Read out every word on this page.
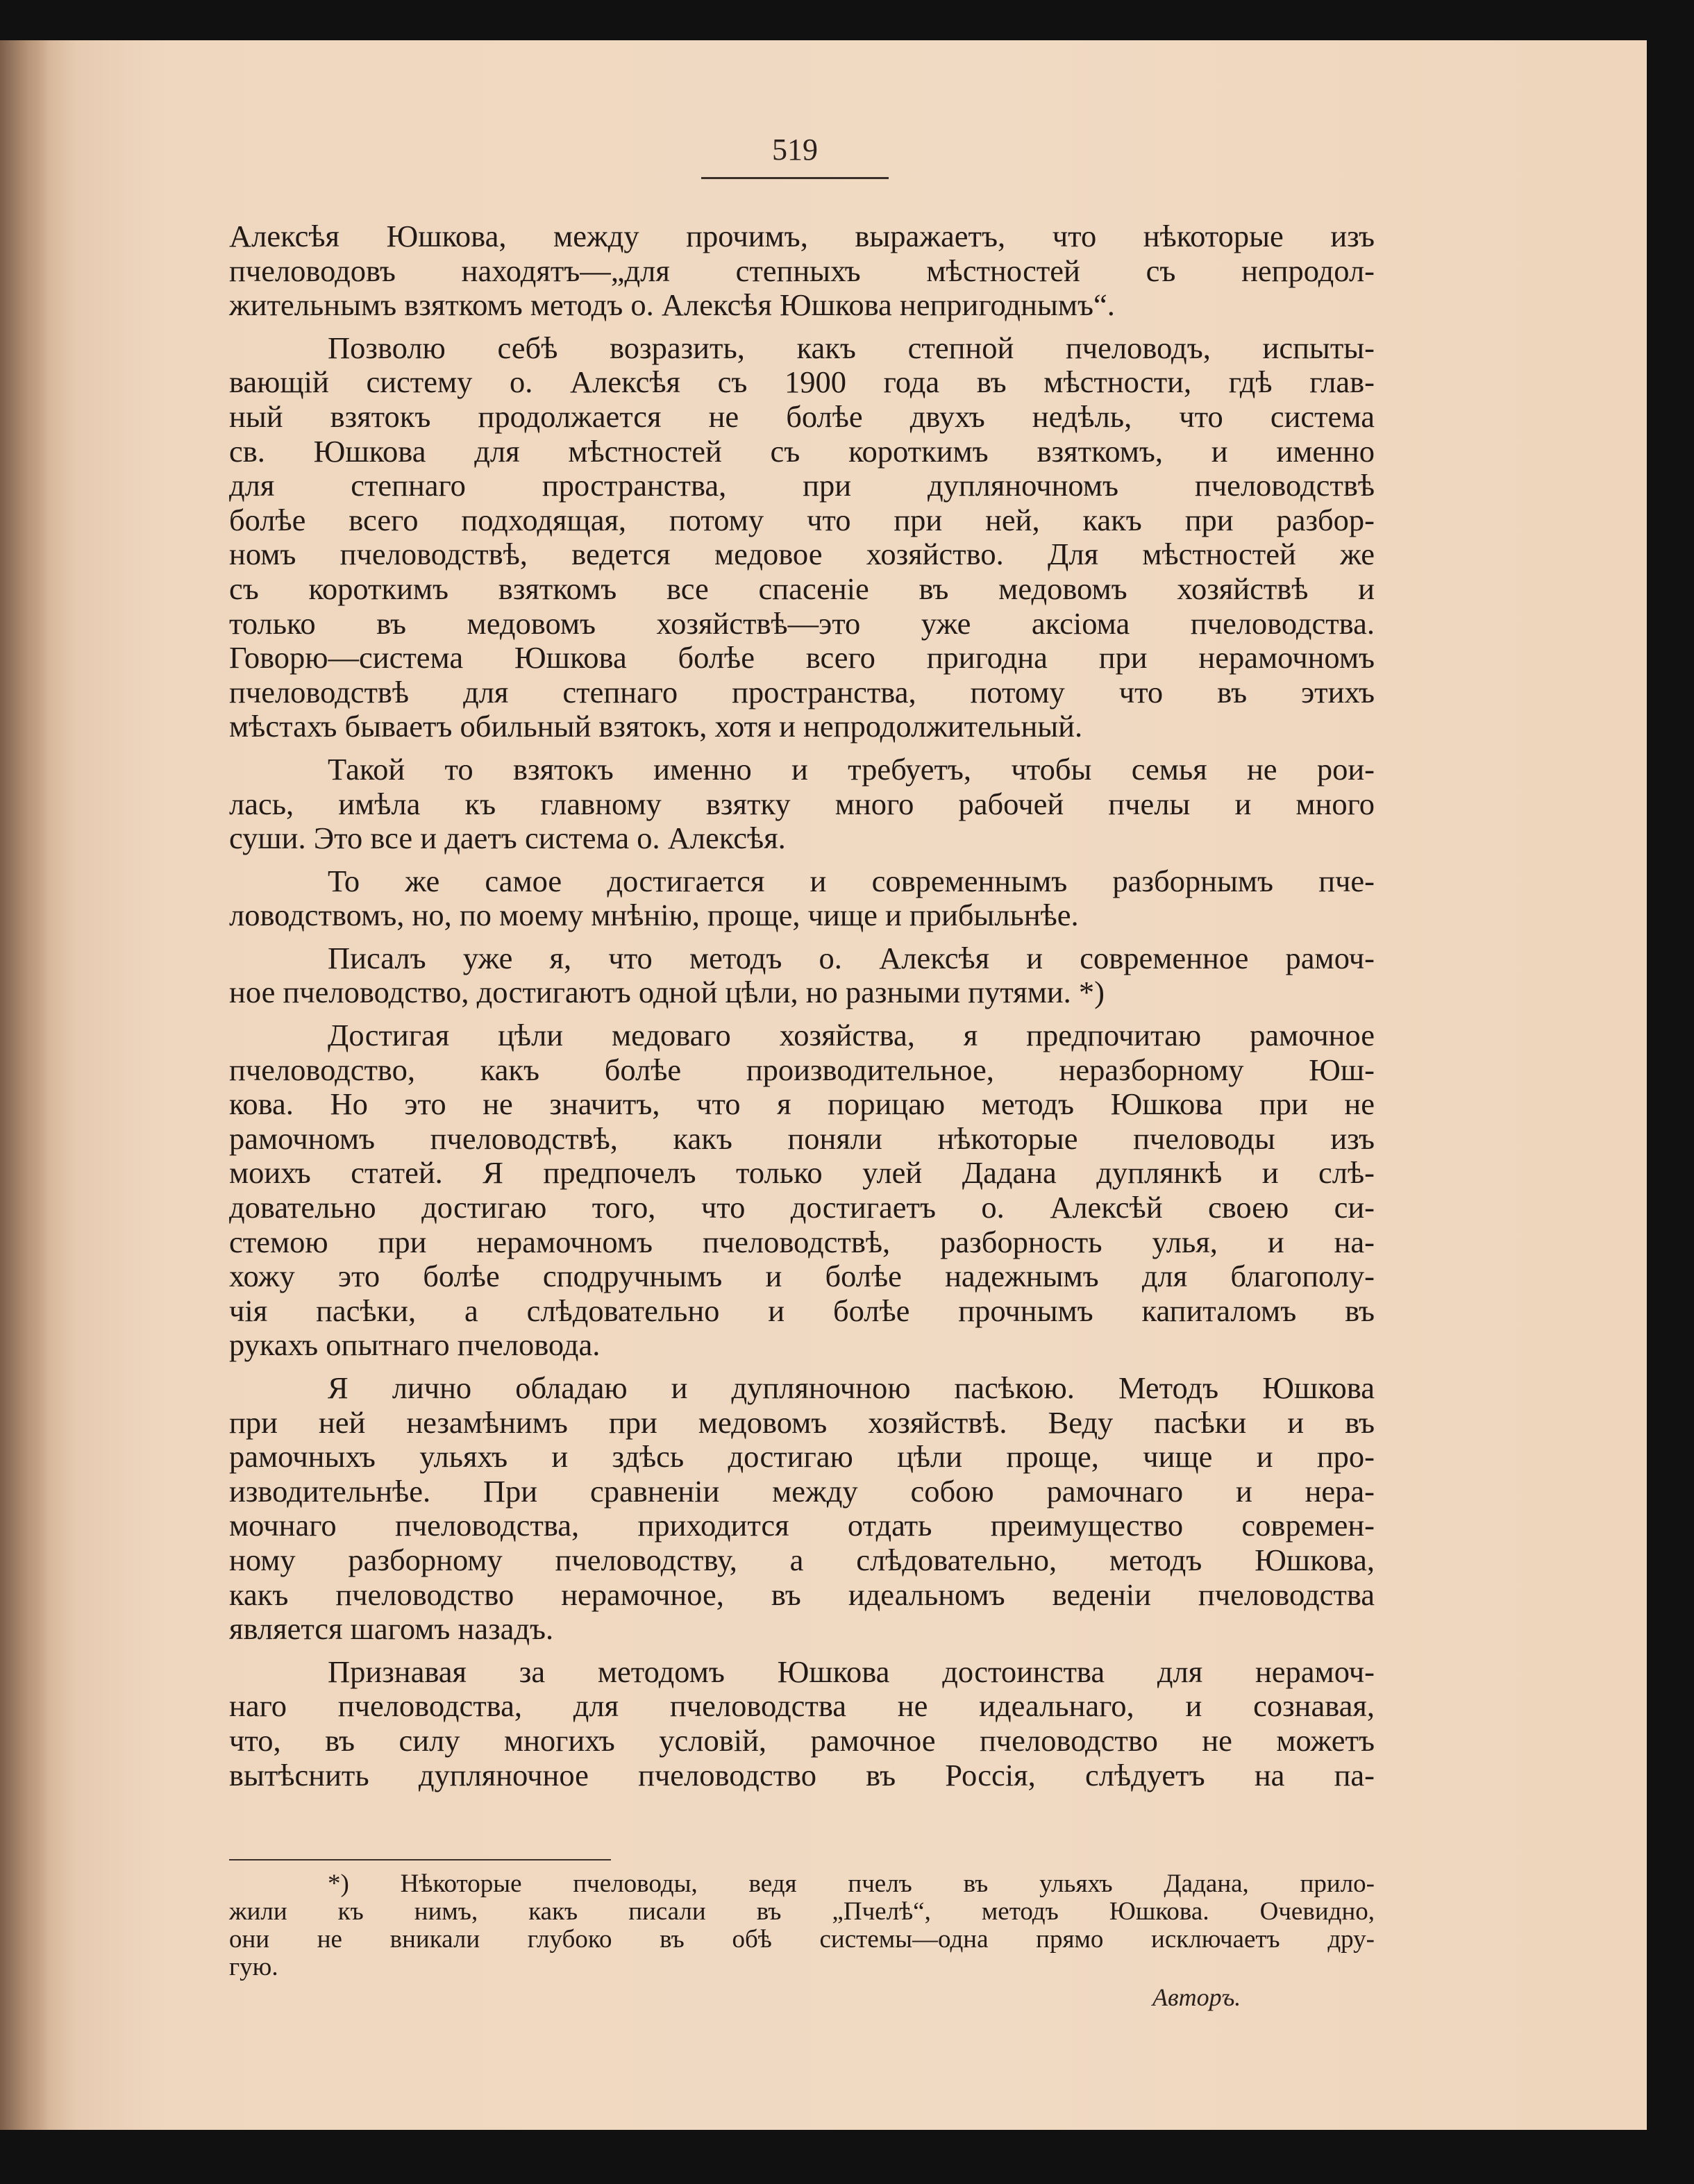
519
Алексѣя Юшкова, между прочимъ, выражаетъ, что нѣкоторые изъ
пчеловодовъ находятъ—„для степныхъ мѣстностей съ непродол-
жительнымъ взяткомъ методъ о. Алексѣя Юшкова непригоднымъ“.
Позволю себѣ возразить, какъ степной пчеловодъ, испыты-
вающій систему о. Алексѣя съ 1900 года въ мѣстности, гдѣ глав-
ный взятокъ продолжается не болѣе двухъ недѣль, что система
св. Юшкова для мѣстностей съ короткимъ взяткомъ, и именно
для степнаго пространства, при дупляночномъ пчеловодствѣ
болѣе всего подходящая, потому что при ней, какъ при разбор-
номъ пчеловодствѣ, ведется медовое хозяйство. Для мѣстностей же
съ короткимъ взяткомъ все спасеніе въ медовомъ хозяйствѣ и
только въ медовомъ хозяйствѣ—это уже аксіома пчеловодства.
Говорю—система Юшкова болѣе всего пригодна при нерамочномъ
пчеловодствѣ для степнаго пространства, потому что въ этихъ
мѣстахъ бываетъ обильный взятокъ, хотя и непродолжительный.
Такой то взятокъ именно и требуетъ, чтобы семья не рои-
лась, имѣла къ главному взятку много рабочей пчелы и много
суши. Это все и даетъ система о. Алексѣя.
То же самое достигается и современнымъ разборнымъ пче-
ловодствомъ, но, по моему мнѣнію, проще, чище и прибыльнѣе.
Писалъ уже я, что методъ о. Алексѣя и современное рамоч-
ное пчеловодство, достигаютъ одной цѣли, но разными путями. *)
Достигая цѣли медоваго хозяйства, я предпочитаю рамочное
пчеловодство, какъ болѣе производительное, неразборному Юш-
кова. Но это не значитъ, что я порицаю методъ Юшкова при не
рамочномъ пчеловодствѣ, какъ поняли нѣкоторые пчеловоды изъ
моихъ статей. Я предпочелъ только улей Дадана дуплянкѣ и слѣ-
довательно достигаю того, что достигаетъ о. Алексѣй своею си-
стемою при нерамочномъ пчеловодствѣ, разборность улья, и на-
хожу это болѣе сподручнымъ и болѣе надежнымъ для благополу-
чія пасѣки, а слѣдовательно и болѣе прочнымъ капиталомъ въ
рукахъ опытнаго пчеловода.
Я лично обладаю и дупляночною пасѣкою. Методъ Юшкова
при ней незамѣнимъ при медовомъ хозяйствѣ. Веду пасѣки и въ
рамочныхъ ульяхъ и здѣсь достигаю цѣли проще, чище и про-
изводительнѣе. При сравненіи между собою рамочнаго и нера-
мочнаго пчеловодства, приходится отдать преимущество современ-
ному разборному пчеловодству, а слѣдовательно, методъ Юшкова,
какъ пчеловодство нерамочное, въ идеальномъ веденіи пчеловодства
является шагомъ назадъ.
Признавая за методомъ Юшкова достоинства для нерамоч-
наго пчеловодства, для пчеловодства не идеальнаго, и сознавая,
что, въ силу многихъ условій, рамочное пчеловодство не можетъ
вытѣснить дупляночное пчеловодство въ Россія, слѣдуетъ на па-
*) Нѣкоторые пчеловоды, ведя пчелъ въ ульяхъ Дадана, прило-
жили къ нимъ, какъ писали въ „Пчелѣ“, методъ Юшкова. Очевидно,
они не вникали глубоко въ обѣ системы—одна прямо исключаетъ дру-
гую.
Авторъ.
